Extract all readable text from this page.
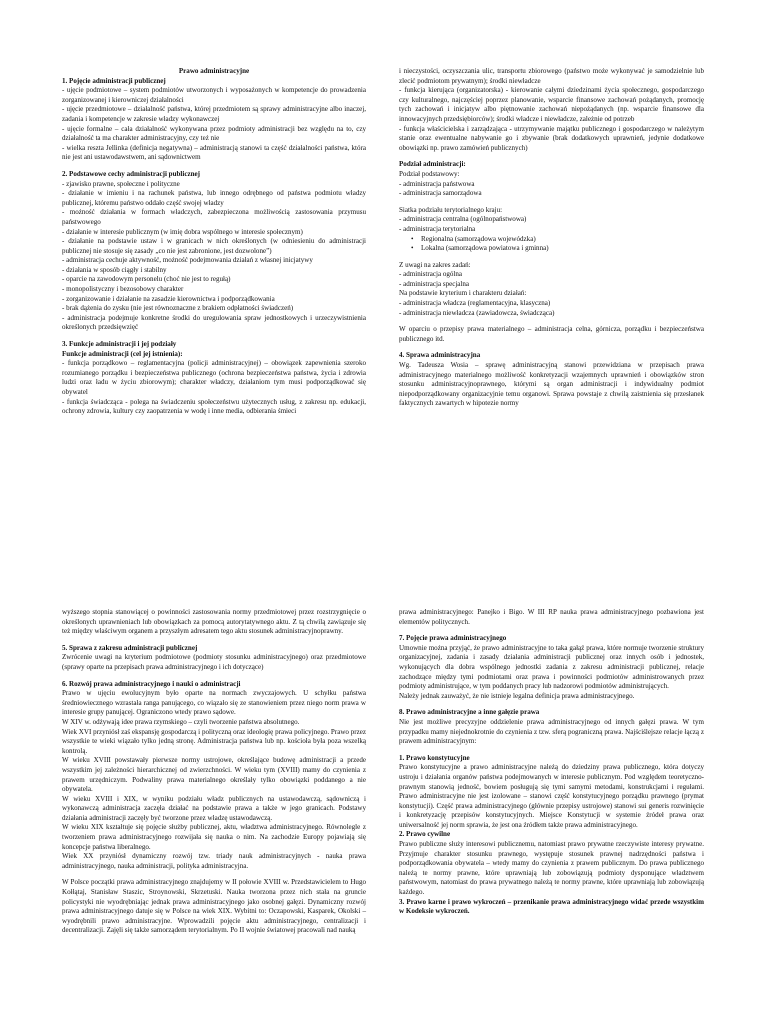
Prawo administracyjne
1. Pojęcie administracji publicznej
- ujęcie podmiotowe – system podmiotów utworzonych i wyposażonych w kompetencje do prowadzenia zorganizowanej i kierowniczej działalności
- ujęcie przedmiotowe – działalność państwa, której przedmiotem są sprawy administracyjne albo inaczej, zadania i kompetencje w zakresie władzy wykonawczej
- ujęcie formalne – cała działalność wykonywana przez podmioty administracji bez względu na to, czy działalność ta ma charakter administracyjny, czy też nie
- wielka reszta Jellinka (definicja negatywna) – administracją stanowi ta część działalności państwa, która nie jest ani ustawodawstwem, ani sądownictwem
2. Podstawowe cechy administracji publicznej
- zjawisko prawne, społeczne i polityczne
- działanie w imieniu i na rachunek państwa, lub innego odrębnego od państwa podmiotu władzy publicznej, któremu państwo oddało część swojej władzy
- możność działania w formach władczych, zabezpieczona możliwością zastosowania przymusu państwowego
- działanie w interesie publicznym (w imię dobra wspólnego w interesie społecznym)
- działanie na podstawie ustaw i w granicach w nich określonych (w odniesieniu do administracji publicznej nie stosuje się zasady „co nie jest zabronione, jest dozwolone”)
- administracja cechuje aktywność, możność podejmowania działań z własnej inicjatywy
- działania w sposób ciągły i stabilny
- oparcie na zawodowym personelu (choć nie jest to regułą)
- monopolistyczny i bezosobowy charakter
- zorganizowanie i działanie na zasadzie kierownictwa i podporządkowania
- brak dążenia do zysku (nie jest równoznaczne z brakiem odpłatności świadczeń)
- administracja podejmuje konkretne środki do uregulowania spraw jednostkowych i urzeczywistnienia określonych przedsięwzięć
3. Funkcje administracji i jej podziały
Funkcje administracji (cel jej istnienia):
- funkcja porządkowo – reglamentacyjna (policji administracyjnej) – obowiązek zapewnienia szeroko rozumianego porządku i bezpieczeństwa publicznego (ochrona bezpieczeństwa państwa, życia i zdrowia ludzi oraz ładu w życiu zbiorowym); charakter władczy, działaniom tym musi podporządkować się obywatel
- funkcja świadcząca - polega na świadczeniu społeczeństwu użytecznych usług, z zakresu np. edukacji, ochrony zdrowia, kultury czy zaopatrzenia w wodę i inne media, odbierania śmieci
i nieczystości, oczyszczania ulic, transportu zbiorowego (państwo może wykonywać je samodzielnie lub zlecić podmiotom prywatnym); środki niewładcze
- funkcja kierująca (organizatorska) - kierowanie całymi dziedzinami życia społecznego, gospodarczego czy kulturalnego, najczęściej poprzez planowanie, wsparcie finansowe zachowań pożądanych, promocję tych zachowań i inicjatyw albo piętnowanie zachowań niepożądanych (np. wsparcie finansowe dla innowacyjnych przedsiębiorców); środki władcze i niewładcze, zależnie od potrzeb
- funkcja właścicielska i zarządzająca - utrzymywanie majątku publicznego i gospodarczego w należytym stanie oraz ewentualne nabywanie go i zbywanie (brak dodatkowych uprawnień, jedynie dodatkowe obowiązki np. prawo zamówień publicznych)
Podział administracji:
Podział podstawowy:
- administracja państwowa
- administracja samorządowa
Siatka podziału terytorialnego kraju:
- administracja centralna (ogólnopaństwowa)
- administracja terytorialna
• Regionalna (samorządowa wojewódzka)
• Lokalna (samorządowa powiatowa i gminna)
Z uwagi na zakres zadań:
- administracja ogólna
- administracja specjalna
Na podstawie kryterium i charakteru działań:
- administracja władcza (reglamentacyjna, klasyczna)
- administracja niewładcza (zawiadowcza, świadcząca)
W oparciu o przepisy prawa materialnego – administracja celna, górnicza, porządku i bezpieczeństwa publicznego itd.
4. Sprawa administracyjna
Wg. Tadeusza Wosia – sprawę administracyjną stanowi przewidziana w przepisach prawa administracyjnego materialnego możliwość konkretyzacji wzajemnych uprawnień i obowiązków stron stosunku administracyjnoprawnego, którymi są organ administracji i indywidualny podmiot niepodporządkowany organizacyjnie temu organowi. Sprawa powstaje z chwilą zaistnienia się przesłanek faktycznych zawartych w hipotezie normy
wyższego stopnia stanowiącej o powinności zastosowania normy przedmiotowej przez rozstrzygnięcie o określonych uprawnieniach lub obowiązkach za pomocą autorytatywnego aktu. Z tą chwilą zawiązuje się też między właściwym organem a przyszłym adresatem tego aktu stosunek administracyjnoprawny.
5. Sprawa z zakresu administracji publicznej
Zwrócenie uwagi na kryterium podmiotowe (podmioty stosunku administracyjnego) oraz przedmiotowe (sprawy oparte na przepisach prawa administracyjnego i ich dotyczące)
6. Rozwój prawa administracyjnego i nauki o administracji
Prawo w ujęciu ewolucyjnym było oparte na normach zwyczajowych. U schyłku państwa średniowiecznego wzrastała ranga panującego, co wiązało się ze stanowieniem przez niego norm prawa w interesie grupy panującej. Ograniczono wtedy prawo sądowe.
W XIV w. odżywają idee prawa rzymskiego – czyli tworzenie państwa absolutnego.
Wiek XVI przyniósł zaś ekspansję gospodarczą i polityczną oraz ideologię prawa policyjnego. Prawo przez wszystkie te wieki wiązało tylko jedną stronę. Administracja państwa lub np. kościoła była poza wszelką kontrolą.
W wieku XVIII powstawały pierwsze normy ustrojowe, określające budowę administracji a przede wszystkim jej zależności hierarchicznej od zwierzchności. W wieku tym (XVIII) mamy do czynienia z prawem urzędniczym. Podwaliny prawa materialnego określały tylko obowiązki poddanego a nie obywatela.
W wieku XVIII i XIX, w wyniku podziału władz publicznych na ustawodawczą, sądowniczą i wykonawczą administracja zaczęła działać na podstawie prawa a także w jego granicach. Podstawy działania administracji zaczęły być tworzone przez władzę ustawodawczą.
W wieku XIX kształtuje się pojęcie służby publicznej, aktu, władztwa administracyjnego. Równolegle z tworzeniem prawa administracyjnego rozwijała się nauka o nim. Na zachodzie Europy pojawiają się koncepcje państwa liberalnego.
Wiek XX przyniósł dynamiczny rozwój tzw. triady nauk administracyjnych - nauka prawa administracyjnego, nauka administracji, polityka administracyjna.
W Polsce początki prawa administracyjnego znajdujemy w II połowie XVIII w. Przedstawicielem to Hugo Kołłątaj, Stanisław Staszic, Stroynowski, Skrzetuski. Nauka tworzona przez nich stała na gruncie policystyki nie wyodrębniając jednak prawa administracyjnego jako osobnej gałęzi. Dynamiczny rozwój prawa administracyjnego datuje się w Polsce na wiek XIX. Wybitni to: Oczapowski, Kasparek, Okolski – wyodrębnili prawo administracyjne. Wprowadzili pojęcie aktu administracyjnego, centralizacji i decentralizacji. Zajęli się także samorządem terytorialnym. Po II wojnie światowej pracowali nad nauką
prawa administracyjnego: Panejko i Bigo. W III RP nauka prawa administracyjnego pozbawiona jest elementów politycznych.
7. Pojęcie prawa administracyjnego
Umownie można przyjąć, że prawo administracyjne to taka gałąź prawa, które normuje tworzenie struktury organizacyjnej, zadania i zasady działania administracji publicznej oraz innych osób i jednostek, wykonujących dla dobra wspólnego jednostki zadania z zakresu administracji publicznej, relacje zachodzące między tymi podmiotami oraz prawa i powinności podmiotów administrowanych przez podmioty administrujące, w tym poddanych pracy lub nadzorowi podmiotów administrujących.
Należy jednak zauważyć, że nie istnieje legalna definicja prawa administracyjnego.
8. Prawo administracyjne a inne gałęzie prawa
Nie jest możliwe precyzyjne oddzielenie prawa administracyjnego od innych gałęzi prawa. W tym przypadku mamy niejednokrotnie do czynienia z tzw. sferą pograniczną prawa. Najściślejsze relacje łączą z prawem administracyjnym:
1. Prawo konstytucyjne
Prawo konstytucyjne a prawo administracyjne należą do dziedziny prawa publicznego, która dotyczy ustroju i działania organów państwa podejmowanych w interesie publicznym. Pod względem teoretyczno-prawnym stanowią jedność, bowiem posługują się tymi samymi metodami, konstrukcjami i regułami. Prawo administracyjne nie jest izolowane – stanowi część konstytucyjnego porządku prawnego (prymat konstytucji). Część prawa administracyjnego (głównie przepisy ustrojowe) stanowi sui generis rozwinięcie i konkretyzację przepisów konstytucyjnych. Miejsce Konstytucji w systemie źródeł prawa oraz uniwersalność jej norm sprawia, że jest ona źródłem także prawa administracyjnego.
2. Prawo cywilne
Prawo publiczne służy interesowi publicznemu, natomiast prawo prywatne rzeczywiste interesy prywatne. Przyjmuje charakter stosunku prawnego, występuje stosunek prawnej nadrzędności państwa i podporządkowania obywatela – wtedy mamy do czynienia z prawem publicznym. Do prawa publicznego należą te normy prawne, które uprawniają lub zobowiązują podmioty dysponujące władztwem państwowym, natomiast do prawa prywatnego należą te normy prawne, które uprawniają lub zobowiązują każdego.
3. Prawo karne i prawo wykroczeń – przenikanie prawa administracyjnego widać przede wszystkim w Kodeksie wykroczeń.
